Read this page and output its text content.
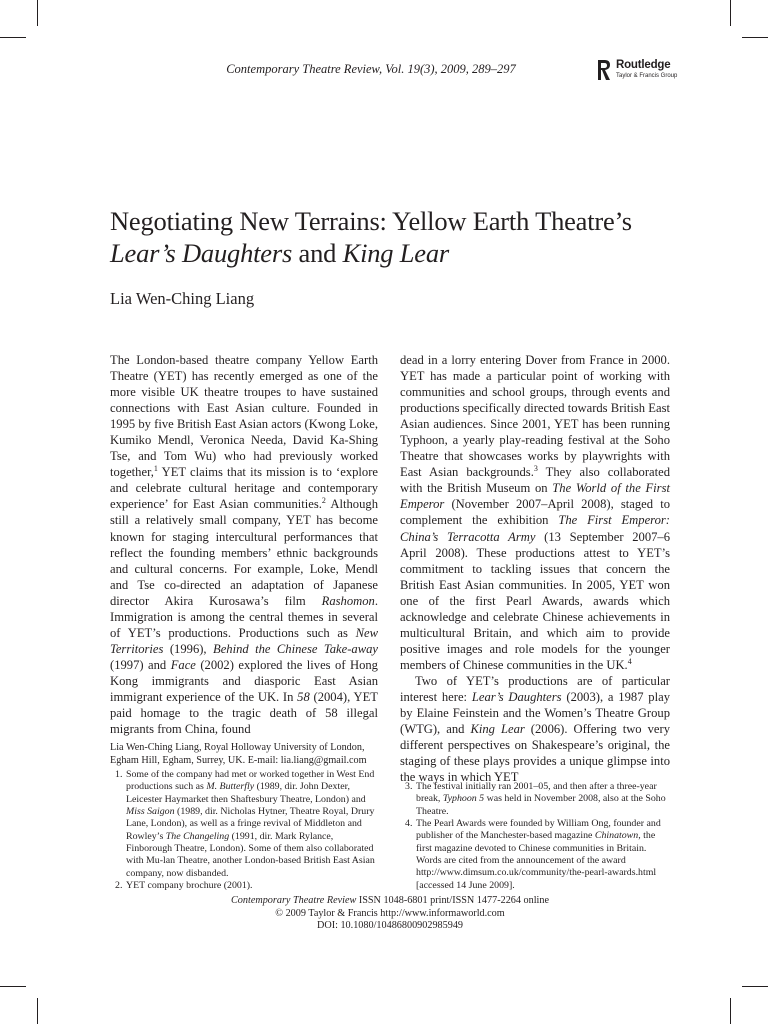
Contemporary Theatre Review, Vol. 19(3), 2009, 289–297	Routledge
Taylor & Francis Group
Negotiating New Terrains: Yellow Earth Theatre’s Lear’s Daughters and King Lear
Lia Wen-Ching Liang

The London-based theatre company Yellow Earth Theatre (YET) has recently emerged as one of the more visible UK theatre troupes to have sustained connections with East Asian culture. Founded in 1995 by five British East Asian actors (Kwong Loke, Kumiko Mendl, Veronica Needa, David Ka-Shing Tse, and Tom Wu) who had previously worked together,$^1$ YET claims that its mission is to ‘explore and celebrate cultural heritage and contemporary experience’ for East Asian communities.$^2$ Although still a relatively small company, YET has become known for staging intercultural performances that reflect the founding members’ ethnic backgrounds and cultural concerns. For example, Loke, Mendl and Tse co-directed an adaptation of Japanese director Akira Kurosawa’s film Rashomon. Immigration is among the central themes in several of YET’s productions. Productions such as New Territories (1996), Behind the Chinese Take-away (1997) and Face (2002) explored the lives of Hong Kong immigrants and diasporic East Asian immigrant experience of the UK. In 58 (2004), YET paid homage to the tragic death of 58 illegal migrants from China, found

dead in a lorry entering Dover from France in 2000. YET has made a particular point of working with communities and school groups, through events and productions specifically directed towards British East Asian audiences. Since 2001, YET has been running Typhoon, a yearly play-reading festival at the Soho Theatre that showcases works by playwrights with East Asian backgrounds.$^3$ They also collaborated with the British Museum on The World of the First Emperor (November 2007–April 2008), staged to complement the exhibition The First Emperor: China’s Terracotta Army (13 September 2007–6 April 2008). These productions attest to YET’s commitment to tackling issues that concern the British East Asian communities. In 2005, YET won one of the first Pearl Awards, awards which acknowledge and celebrate Chinese achievements in multicultural Britain, and which aim to provide positive images and role models for the younger members of Chinese communities in the UK.$^4$

Two of YET’s productions are of particular interest here: Lear’s Daughters (2003), a 1987 play by Elaine Feinstein and the Women’s Theatre Group (WTG), and King Lear (2006). Offering two very different perspectives on Shakespeare’s original, the staging of these plays provides a unique glimpse into the ways in which YET

Lia Wen-Ching Liang, Royal Holloway University of London, Egham Hill, Egham, Surrey, UK. E-mail: lia.liang@gmail.com
1. Some of the company had met or worked together in West End productions such as M. Butterfly (1989, dir. John Dexter, Leicester Haymarket then Shaftesbury Theatre, London) and Miss Saigon (1989, dir. Nicholas Hytner, Theatre Royal, Drury Lane, London), as well as a fringe revival of Middleton and Rowley’s The Changeling (1991, dir. Mark Rylance, Finborough Theatre, London). Some of them also collaborated with Mu-lan Theatre, another London-based British East Asian company, now disbanded.
2. YET company brochure (2001).
3. The festival initially ran 2001–05, and then after a three-year break, Typhoon 5 was held in November 2008, also at the Soho Theatre.
4. The Pearl Awards were founded by William Ong, founder and publisher of the Manchester-based magazine Chinatown, the first magazine devoted to Chinese communities in Britain. Words are cited from the announcement of the award http://www.dimsum.co.uk/community/the-pearl-awards.html [accessed 14 June 2009].

Contemporary Theatre Review ISSN 1048-6801 print/ISSN 1477-2264 online

© 2009 Taylor & Francis http://www.informaworld.com

DOI: 10.1080/10486800902985949
